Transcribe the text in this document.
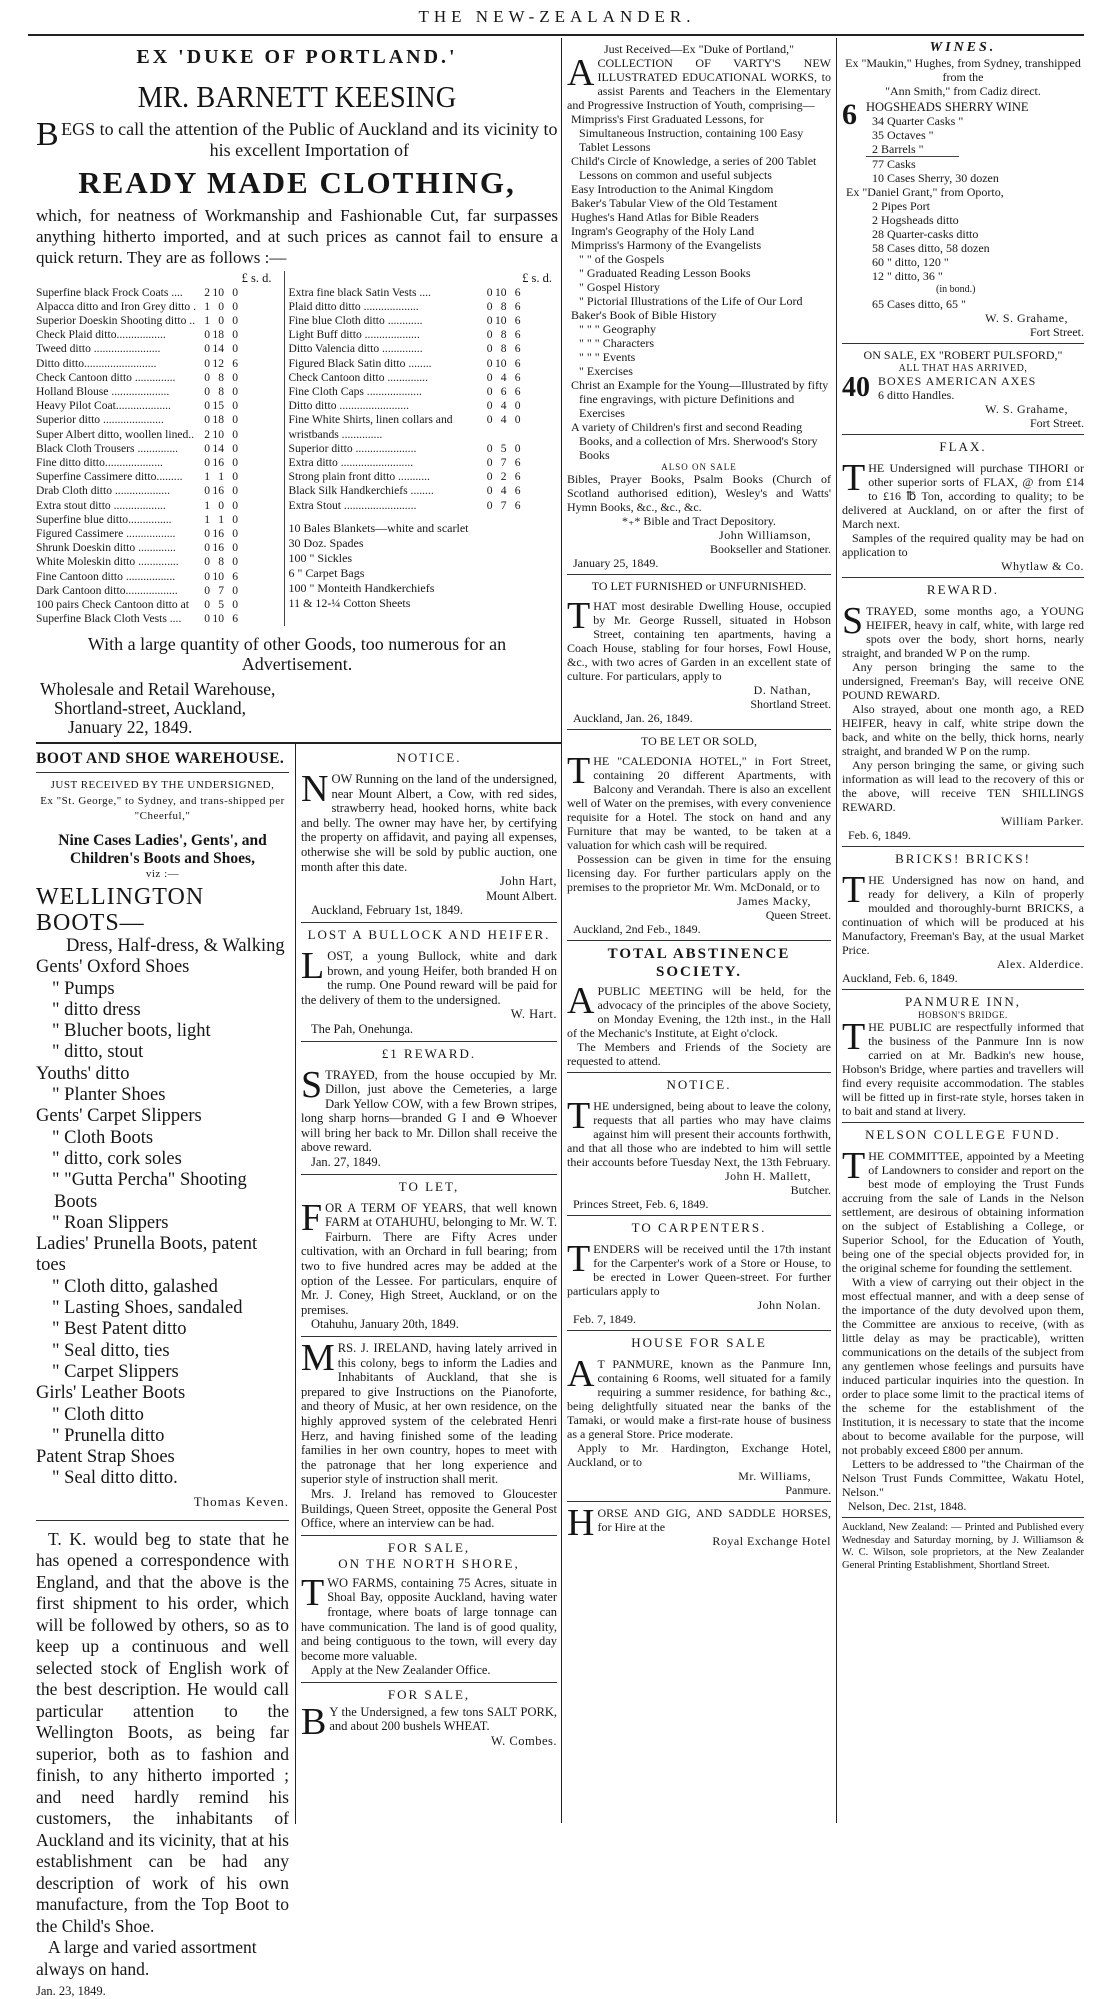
THE NEW-ZEALANDER.
EX 'DUKE OF PORTLAND.'
MR. BARNETT KEESING

BEGS to call the attention of the Public of Auckland and its vicinity to his excellent Importation of

READY MADE CLOTHING,

which, for neatness of Workmanship and Fashionable Cut, far surpasses anything hitherto imported, and at such prices as cannot fail to ensure a quick return. They are as follows :—

£ s. d.
Superfine black Frock Coats ....	2	10	0
Alpacca ditto and Iron Grey ditto .	1	0	0
Superior Doeskin Shooting ditto ..	1	0	0
Check Plaid ditto.................	0	18	0
Tweed ditto .......................	0	14	0
Ditto ditto.........................	0	12	6
Check Cantoon ditto ..............	0	8	0
Holland Blouse ....................	0	8	0
Heavy Pilot Coat...................	0	15	0
Superior ditto .....................	0	18	0
Super Albert ditto, woollen lined..	2	10	0
Black Cloth Trousers ..............	0	14	0
Fine ditto ditto....................	0	16	0
Superfine Cassimere ditto.........	1	1	0
Drab Cloth ditto ...................	0	16	0
Extra stout ditto ..................	1	0	0
Superfine blue ditto...............	1	1	0
Figured Cassimere .................	0	16	0
Shrunk Doeskin ditto .............	0	16	0
White Moleskin ditto ..............	0	8	0
Fine Cantoon ditto .................	0	10	6
Dark Cantoon ditto..................	0	7	0
100 pairs Check Cantoon ditto at	0	5	0
Superfine Black Cloth Vests ....	0	10	6
£ s. d.
Extra fine black Satin Vests ....	0	10	6
Plaid ditto ditto ...................	0	8	6
Fine blue Cloth ditto ............	0	10	6
Light Buff ditto ...................	0	8	6
Ditto Valencia ditto ..............	0	8	6
Figured Black Satin ditto ........	0	10	6
Check Cantoon ditto ..............	0	4	6
Fine Cloth Caps ...................	0	6	6
Ditto ditto ........................	0	4	0
Fine White Shirts, linen collars and wristbands ..............	0	4	0
Superior ditto .....................	0	5	0
Extra ditto .........................	0	7	6
Strong plain front ditto ...........	0	2	6
Black Silk Handkerchiefs ........	0	4	6
Extra Stout .........................	0	7	6
10 Bales Blankets—white and scarlet
30 Doz. Spades
100 " Sickles
6 " Carpet Bags
100 " Monteith Handkerchiefs
11 & 12-¼ Cotton Sheets

With a large quantity of other Goods, too numerous for an Advertisement.

Wholesale and Retail Warehouse,
Shortland-street, Auckland,
January 22, 1849.
BOOT AND SHOE WAREHOUSE.
JUST RECEIVED BY THE UNDERSIGNED,
Ex "St. George," to Sydney, and trans-shipped per "Cheerful,"
Nine Cases Ladies', Gents', and Children's Boots and Shoes,
viz :—
WELLINGTON BOOTS—
Dress, Half-dress, & Walking
Gents' Oxford Shoes
" Pumps
" ditto dress
" Blucher boots, light
" ditto, stout
Youths' ditto
" Planter Shoes
Gents' Carpet Slippers
" Cloth Boots
" ditto, cork soles
" "Gutta Percha" Shooting Boots
" Roan Slippers
Ladies' Prunella Boots, patent toes
" Cloth ditto, galashed
" Lasting Shoes, sandaled
" Best Patent ditto
" Seal ditto, ties
" Carpet Slippers
Girls' Leather Boots
" Cloth ditto
" Prunella ditto
Patent Strap Shoes
" Seal ditto ditto.
Thomas Keven.

T. K. would beg to state that he has opened a correspondence with England, and that the above is the first shipment to his order, which will be followed by others, so as to keep up a continuous and well selected stock of English work of the best description. He would call particular attention to the Wellington Boots, as being far superior, both as to fashion and finish, to any hitherto imported ; and need hardly remind his customers, the inhabitants of Auckland and its vicinity, that at his establishment can be had any description of work of his own manufacture, from the Top Boot to the Child's Shoe.

A large and varied assortment always on hand.

Jan. 23, 1849.
NOTICE.

NOW Running on the land of the undersigned, near Mount Albert, a Cow, with red sides, strawberry head, hooked horns, white back and belly. The owner may have her, by certifying the property on affidavit, and paying all expenses, otherwise she will be sold by public auction, one month after this date.

John Hart,
Mount Albert.
Auckland, February 1st, 1849.
LOST A BULLOCK AND HEIFER.

LOST, a young Bullock, white and dark brown, and young Heifer, both branded H on the rump. One Pound reward will be paid for the delivery of them to the undersigned.

W. Hart.
The Pah, Onehunga.
£1 REWARD.

STRAYED, from the house occupied by Mr. Dillon, just above the Cemeteries, a large Dark Yellow COW, with a few Brown stripes, long sharp horns—branded G I and ⊖ Whoever will bring her back to Mr. Dillon shall receive the above reward.

Jan. 27, 1849.
TO LET,

FOR A TERM OF YEARS, that well known FARM at OTAHUHU, belonging to Mr. W. T. Fairburn. There are Fifty Acres under cultivation, with an Orchard in full bearing; from two to five hundred acres may be added at the option of the Lessee. For particulars, enquire of Mr. J. Coney, High Street, Auckland, or on the premises.

Otahuhu, January 20th, 1849.

MRS. J. IRELAND, having lately arrived in this colony, begs to inform the Ladies and Inhabitants of Auckland, that she is prepared to give Instructions on the Pianoforte, and theory of Music, at her own residence, on the highly approved system of the celebrated Henri Herz, and having finished some of the leading families in her own country, hopes to meet with the patronage that her long experience and superior style of instruction shall merit.

Mrs. J. Ireland has removed to Gloucester Buildings, Queen Street, opposite the General Post Office, where an interview can be had.

FOR SALE,
ON THE NORTH SHORE,

TWO FARMS, containing 75 Acres, situate in Shoal Bay, opposite Auckland, having water frontage, where boats of large tonnage can have communication. The land is of good quality, and being contiguous to the town, will every day become more valuable.

Apply at the New Zealander Office.
FOR SALE,

B Y the Undersigned, a few tons SALT PORK, and about 200 bushels WHEAT.

W. Combes.
Just Received—Ex "Duke of Portland,"

ACOLLECTION OF VARTY'S NEW ILLUSTRATED EDUCATIONAL WORKS, to assist Parents and Teachers in the Elementary and Progressive Instruction of Youth, comprising—

Mimpriss's First Graduated Lessons, for Simultaneous Instruction, containing 100 Easy Tablet Lessons
Child's Circle of Knowledge, a series of 200 Tablet Lessons on common and useful subjects
Easy Introduction to the Animal Kingdom
Baker's Tabular View of the Old Testament
Hughes's Hand Atlas for Bible Readers
Ingram's Geography of the Holy Land
Mimpriss's Harmony of the Evangelists
" " of the Gospels
" Graduated Reading Lesson Books
" Gospel History
" Pictorial Illustrations of the Life of Our Lord
Baker's Book of Bible History
" " " Geography
" " " Characters
" " " Events
" Exercises
Christ an Example for the Young—Illustrated by fifty fine engravings, with picture Definitions and Exercises
A variety of Children's first and second Reading Books, and a collection of Mrs. Sherwood's Story Books
ALSO ON SALE

Bibles, Prayer Books, Psalm Books (Church of Scotland authorised edition), Wesley's and Watts' Hymn Books, &c., &c., &c.

*₊* Bible and Tract Depository.
John Williamson,
Bookseller and Stationer.
January 25, 1849.
TO LET FURNISHED or UNFURNISHED.

THAT most desirable Dwelling House, occupied by Mr. George Russell, situated in Hobson Street, containing ten apartments, having a Coach House, stabling for four horses, Fowl House, &c., with two acres of Garden in an excellent state of culture. For particulars, apply to

D. Nathan,
Shortland Street.
Auckland, Jan. 26, 1849.
TO BE LET OR SOLD,

THE "CALEDONIA HOTEL," in Fort Street, containing 20 different Apartments, with Balcony and Verandah. There is also an excellent well of Water on the premises, with every convenience requisite for a Hotel. The stock on hand and any Furniture that may be wanted, to be taken at a valuation for which cash will be required.

Possession can be given in time for the ensuing licensing day. For further particulars apply on the premises to the proprietor Mr. Wm. McDonald, or to

James Macky,
Queen Street.
Auckland, 2nd Feb., 1849.
TOTAL ABSTINENCE SOCIETY.

APUBLIC MEETING will be held, for the advocacy of the principles of the above Society, on Monday Evening, the 12th inst., in the Hall of the Mechanic's Institute, at Eight o'clock.

The Members and Friends of the Society are requested to attend.

NOTICE.

THE undersigned, being about to leave the colony, requests that all parties who may have claims against him will present their accounts forthwith, and that all those who are indebted to him will settle their accounts before Tuesday Next, the 13th February.

John H. Mallett,
Butcher.
Princes Street, Feb. 6, 1849.
TO CARPENTERS.

TENDERS will be received until the 17th instant for the Carpenter's work of a Store or House, to be erected in Lower Queen-street. For further particulars apply to

John Nolan.
Feb. 7, 1849.
HOUSE FOR SALE

A T PANMURE, known as the Panmure Inn, containing 6 Rooms, well situated for a family requiring a summer residence, for bathing &c., being delightfully situated near the banks of the Tamaki, or would make a first-rate house of business as a general Store. Price moderate.

Apply to Mr. Hardington, Exchange Hotel, Auckland, or to

Mr. Williams,
Panmure.

HORSE AND GIG, AND SADDLE HORSES, for Hire at the

Royal Exchange Hotel
WINES.
Ex "Maukin," Hughes, from Sydney, transhipped from the
"Ann Smith," from Cadiz direct.
6 HOGSHEADS SHERRY WINE
34 Quarter Casks "
35 Octaves "
2 Barrels "
77 Casks
10 Cases Sherry, 30 dozen
Ex "Daniel Grant," from Oporto,
2 Pipes Port
2 Hogsheads ditto
28 Quarter-casks ditto
58 Cases ditto, 58 dozen
60 " ditto, 120 "
12 " ditto, 36 "
(in bond.)
65 Cases ditto, 65 "
W. S. Grahame,
Fort Street.
ON SALE, EX "ROBERT PULSFORD,"
ALL THAT HAS ARRIVED,
40 BOXES AMERICAN AXES
6 ditto Handles.
W. S. Grahame,
Fort Street.
FLAX.

THE Undersigned will purchase TIHORI or other superior sorts of FLAX, @ from £14 to £16 ℔ Ton, according to quality; to be delivered at Auckland, on or after the first of March next.

Samples of the required quality may be had on application to

Whytlaw & Co.
REWARD.

STRAYED, some months ago, a YOUNG HEIFER, heavy in calf, white, with large red spots over the body, short horns, nearly straight, and branded W P on the rump.

Any person bringing the same to the undersigned, Freeman's Bay, will receive ONE POUND REWARD.

Also strayed, about one month ago, a RED HEIFER, heavy in calf, white stripe down the back, and white on the belly, thick horns, nearly straight, and branded W P on the rump.

Any person bringing the same, or giving such information as will lead to the recovery of this or the above, will receive TEN SHILLINGS REWARD.

William Parker.
Feb. 6, 1849.
BRICKS! BRICKS!

THE Undersigned has now on hand, and ready for delivery, a Kiln of properly moulded and thoroughly-burnt BRICKS, a continuation of which will be produced at his Manufactory, Freeman's Bay, at the usual Market Price.

Alex. Alderdice.
Auckland, Feb. 6, 1849.
PANMURE INN,
HOBSON'S BRIDGE.

THE PUBLIC are respectfully informed that the business of the Panmure Inn is now carried on at Mr. Badkin's new house, Hobson's Bridge, where parties and travellers will find every requisite accommodation. The stables will be fitted up in first-rate style, horses taken in to bait and stand at livery.

NELSON COLLEGE FUND.

THE COMMITTEE, appointed by a Meeting of Landowners to consider and report on the best mode of employing the Trust Funds accruing from the sale of Lands in the Nelson settlement, are desirous of obtaining information on the subject of Establishing a College, or Superior School, for the Education of Youth, being one of the special objects provided for, in the original scheme for founding the settlement.

With a view of carrying out their object in the most effectual manner, and with a deep sense of the importance of the duty devolved upon them, the Committee are anxious to receive, (with as little delay as may be practicable), written communications on the details of the subject from any gentlemen whose feelings and pursuits have induced particular inquiries into the question. In order to place some limit to the practical items of the scheme for the establishment of the Institution, it is necessary to state that the income about to become available for the purpose, will not probably exceed £800 per annum.

Letters to be addressed to "the Chairman of the Nelson Trust Funds Committee, Wakatu Hotel, Nelson."

Nelson, Dec. 21st, 1848.

Auckland, New Zealand: — Printed and Published every Wednesday and Saturday morning, by J. Williamson & W. C. Wilson, sole proprietors, at the New Zealander General Printing Establishment, Shortland Street.
